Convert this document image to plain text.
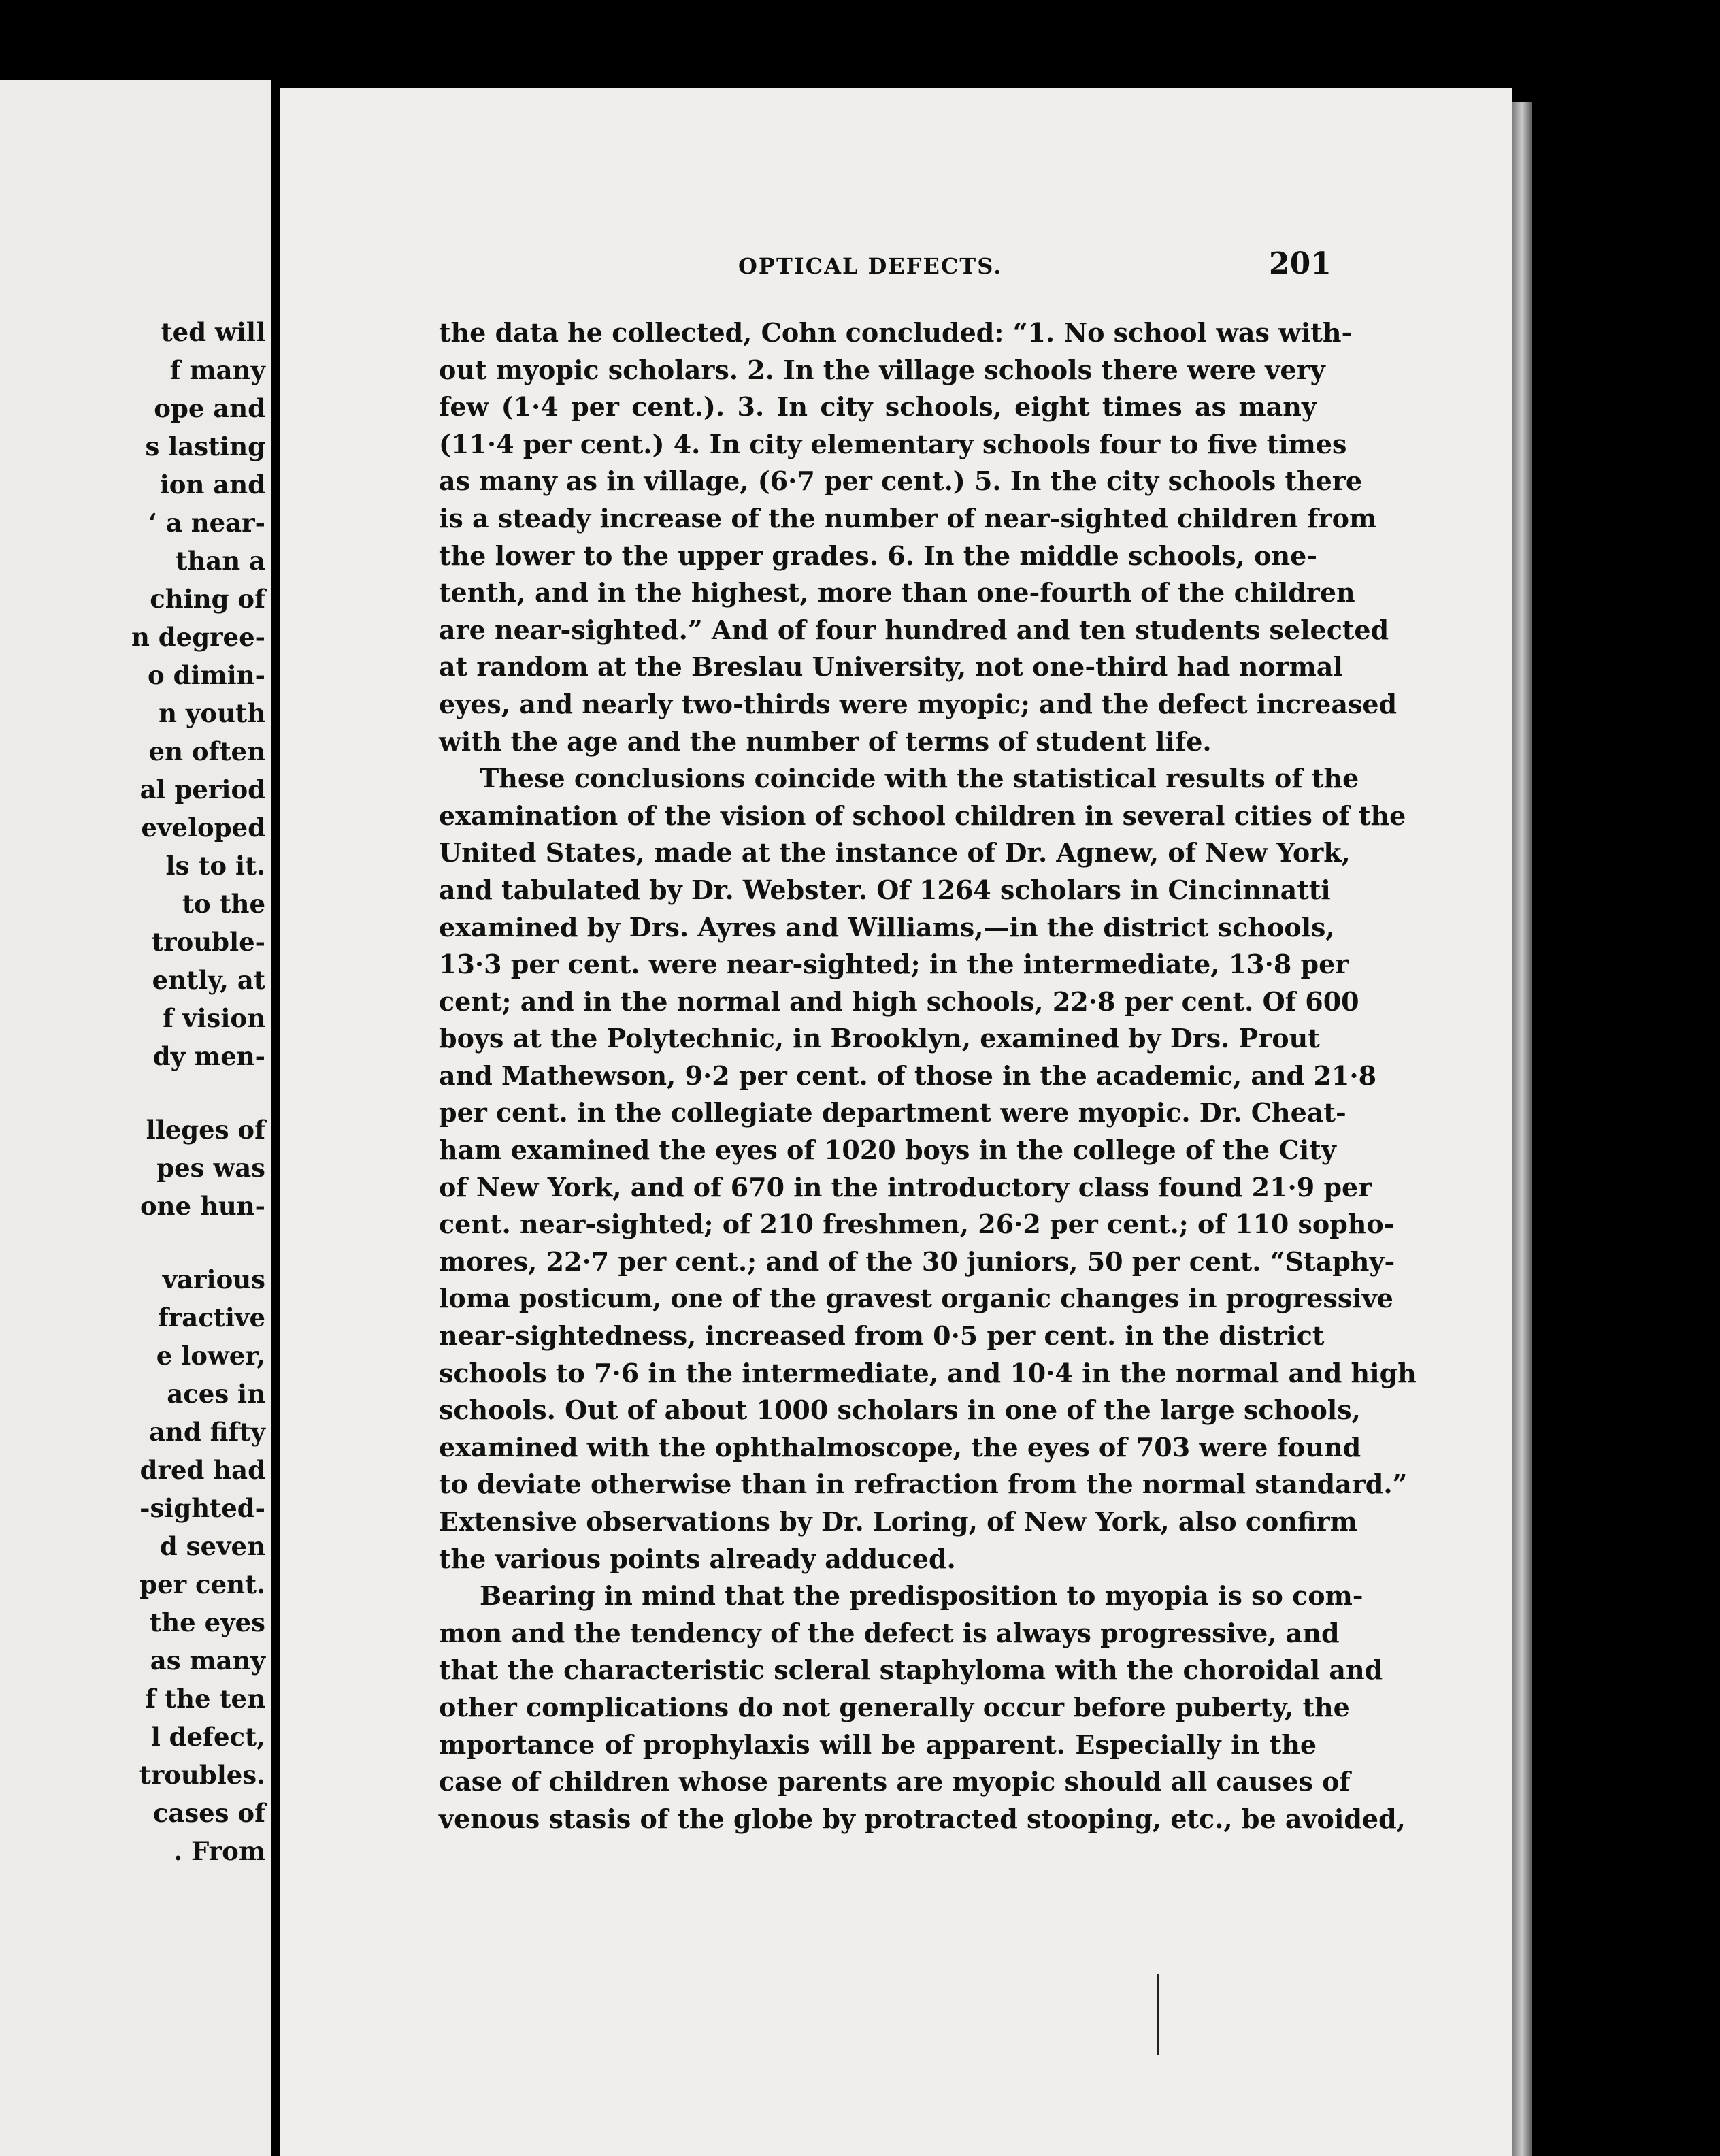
ted will
f many
ope and
s lasting
ion and
‘ a near-
than a
ching of
n degree-
o dimin-
n youth
en often
al period
eveloped
ls to it.
to the
trouble-
ently, at
f vision
dy men-
lleges of
pes was
one hun-
various
fractive
e lower,
aces in
and fifty
dred had
-sighted-
d seven
per cent.
the eyes
as many
f the ten
l defect,
troubles.
cases of
. From
OPTICAL DEFECTS.	201
the data he collected, Cohn concluded: “1. No school was with-
out myopic scholars. 2. In the village schools there were very
few (1·4 per cent.). 3. In city schools, eight times as many
(11·4 per cent.) 4. In city elementary schools four to five times
as many as in village, (6·7 per cent.) 5. In the city schools there
is a steady increase of the number of near-sighted children from
the lower to the upper grades. 6. In the middle schools, one-
tenth, and in the highest, more than one-fourth of the children
are near-sighted.” And of four hundred and ten students selected
at random at the Breslau University, not one-third had normal
eyes, and nearly two-thirds were myopic; and the defect increased
with the age and the number of terms of student life.
These conclusions coincide with the statistical results of the
examination of the vision of school children in several cities of the
United States, made at the instance of Dr. Agnew, of New York,
and tabulated by Dr. Webster. Of 1264 scholars in Cincinnatti
examined by Drs. Ayres and Williams,—in the district schools,
13·3 per cent. were near-sighted; in the intermediate, 13·8 per
cent; and in the normal and high schools, 22·8 per cent. Of 600
boys at the Polytechnic, in Brooklyn, examined by Drs. Prout
and Mathewson, 9·2 per cent. of those in the academic, and 21·8
per cent. in the collegiate department were myopic. Dr. Cheat-
ham examined the eyes of 1020 boys in the college of the City
of New York, and of 670 in the introductory class found 21·9 per
cent. near-sighted; of 210 freshmen, 26·2 per cent.; of 110 sopho-
mores, 22·7 per cent.; and of the 30 juniors, 50 per cent. “Staphy-
loma posticum, one of the gravest organic changes in progressive
near-sightedness, increased from 0·5 per cent. in the district
schools to 7·6 in the intermediate, and 10·4 in the normal and high
schools. Out of about 1000 scholars in one of the large schools,
examined with the ophthalmoscope, the eyes of 703 were found
to deviate otherwise than in refraction from the normal standard.”
Extensive observations by Dr. Loring, of New York, also confirm
the various points already adduced.
Bearing in mind that the predisposition to myopia is so com-
mon and the tendency of the defect is always progressive, and
that the characteristic scleral staphyloma with the choroidal and
other complications do not generally occur before puberty, the
mportance of prophylaxis will be apparent. Especially in the
case of children whose parents are myopic should all causes of
venous stasis of the globe by protracted stooping, etc., be avoided,
